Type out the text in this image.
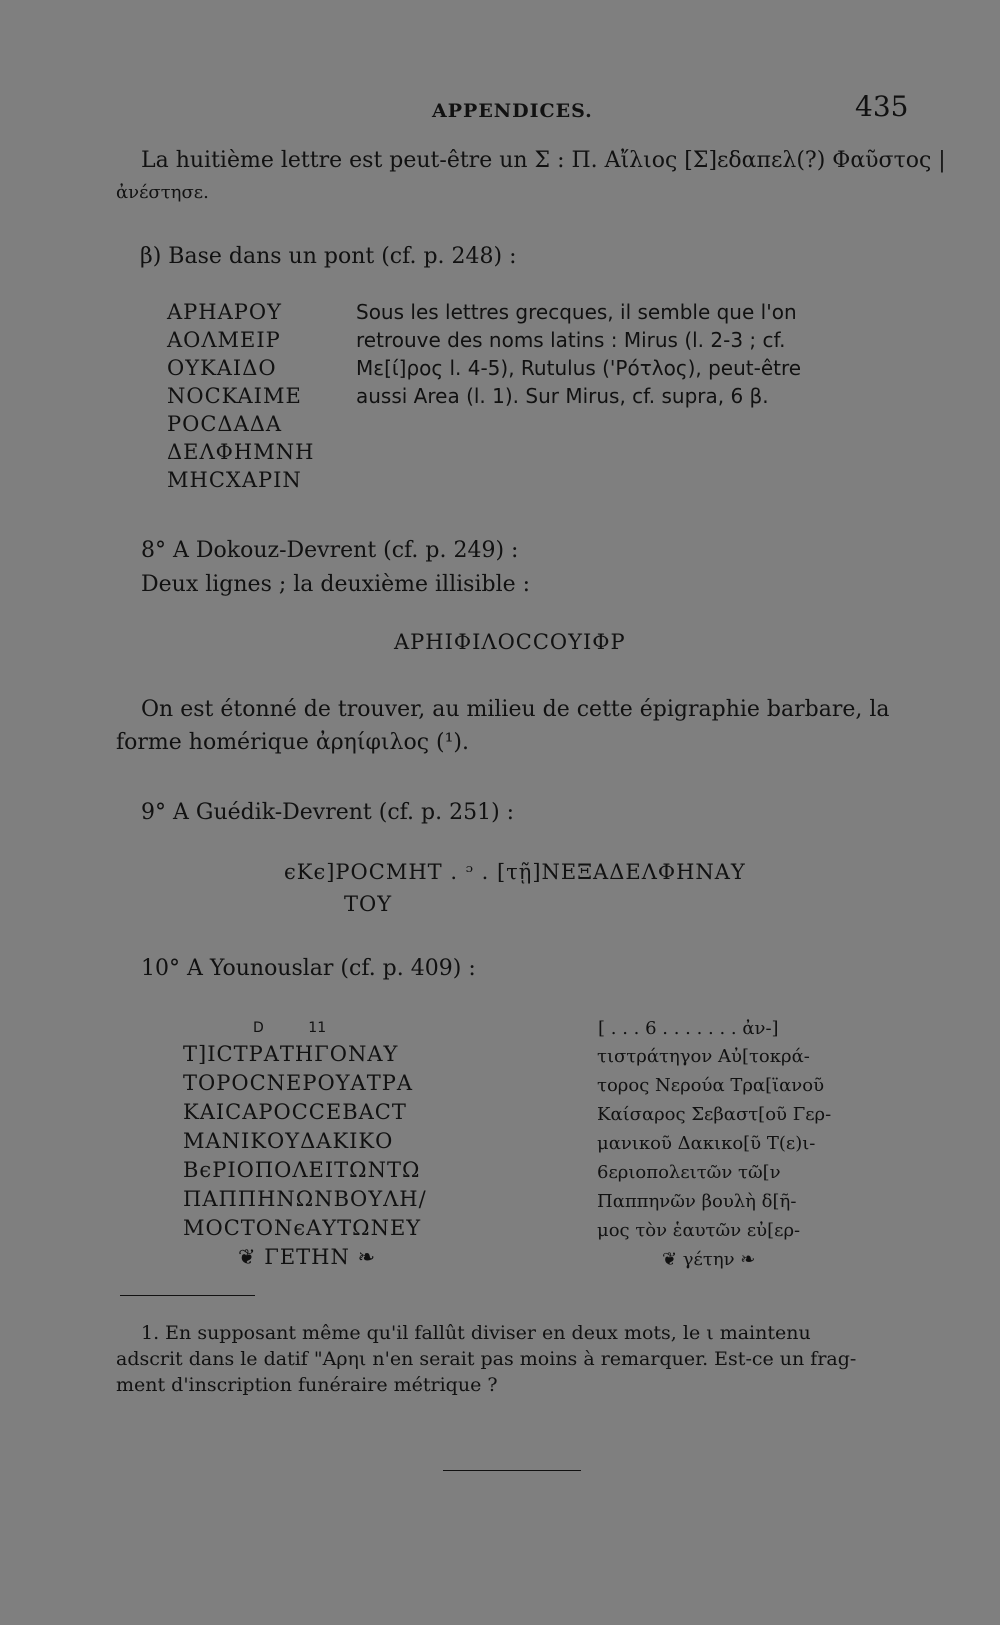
APPENDICES.	435
La huitième lettre est peut-être un Σ : Π. Αἴλιος [Σ]εδαπελ(?) Φαῦστος |
ἀνέστησε.
β) Base dans un pont (cf. p. 248) :
ΑΡΗΑΡΟΥ
ΑΟΛΜΕΙΡ
ΟΥΚΑΙΔΟ
NOCKAIME
ΡΟCΔΑΔΑ
ΔΕΛΦΗΜΝΗ
ΜΗCΧΑΡΙΝ
Sous les lettres grecques, il semble que l'on
retrouve des noms latins : Mirus (l. 2-3 ; cf.
Με[ί]ρος l. 4-5), Rutulus ('Ρότλος), peut-être
aussi Area (l. 1). Sur Mirus, cf. supra, 6 β.
8° A Dokouz-Devrent (cf. p. 249) :
Deux lignes ; la deuxième illisible :
ΑΡΗΙΦΙΛΟCCΟΥΙΦΡ
On est étonné de trouver, au milieu de cette épigraphie barbare, la
forme homérique ἀρηίφιλος (¹).
9° A Guédik-Devrent (cf. p. 251) :
ϵΚϵ]ΡΟCΜΗΤ . ᵓ . [τῇ]ΝΕΞΑΔΕΛΦΗΝΑΥ
ΤΟΥ
10° A Younouslar (cf. p. 409) :
D          11
Τ]ΙCΤΡΑΤΗΓΟΝΑΥ
ΤΟΡΟCΝΕΡΟΥΑΤΡΑ
ΚΑΙCΑΡΟCCΕΒΑCΤ
ΜΑΝΙΚΟΥΔΑΚΙΚΟ
ΒϵΡΙΟΠΟΛΕΙΤΩΝΤΩ
ΠΑΠΠΗΝΩΝΒΟΥΛΗ/
ΜΟCΤΟΝϵΑΥΤΩΝΕΥ
❦ ΓΕΤΗΝ ❧
[ . . . 6 . . . . . . . ἀν-]
τιστράτηγον Αὐ[τοκρά-
τορος Νερούα Τρα[ϊανοῦ
Καίσαρος Σεβαστ[οῦ Γερ-
μανικοῦ Δακικο[ῦ Τ(ε)ι-
6εριοπολειτῶν τῶ[ν
Παππηνῶν βουλὴ δ[ῆ-
μος τὸν ἑαυτῶν εὐ[ερ-
❦ γέτην ❧
1. En supposant même qu'il fallût diviser en deux mots, le ι maintenu
adscrit dans le datif "Αρηι n'en serait pas moins à remarquer. Est-ce un frag-
ment d'inscription funéraire métrique ?
